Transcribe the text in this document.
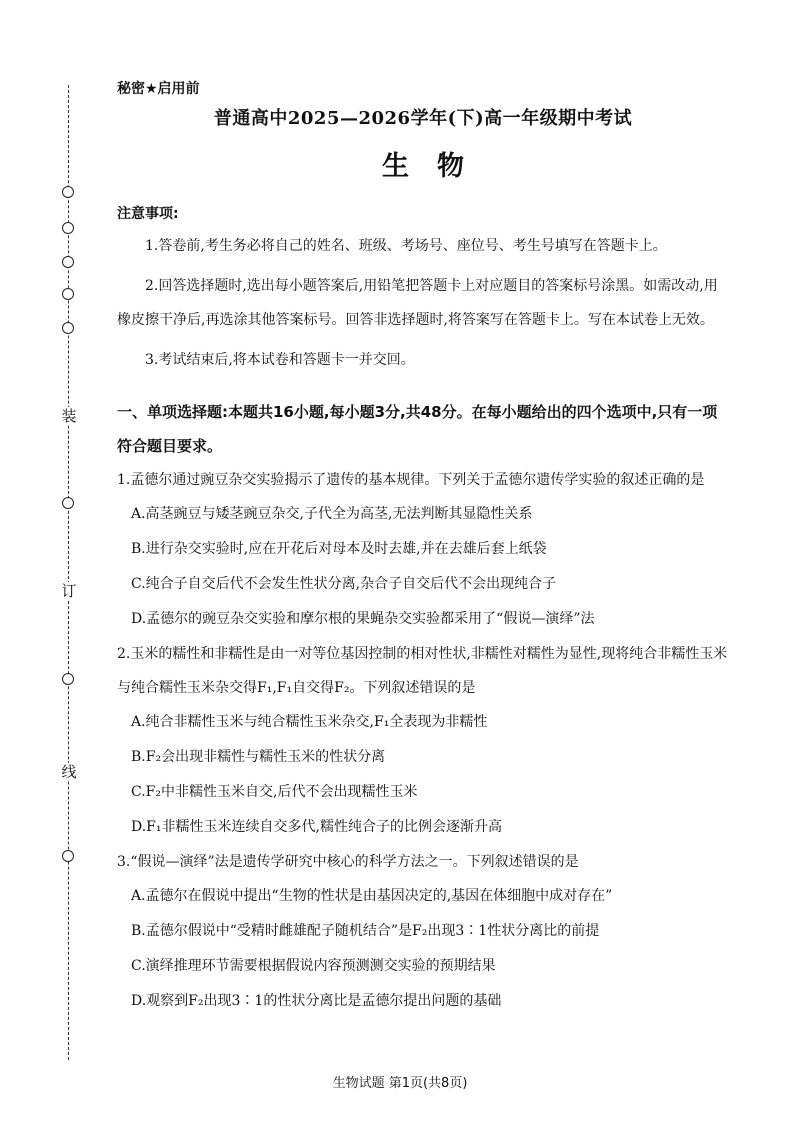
装
订
线

秘密★启用前

普通高中2025—2026学年(下)高一年级期中考试

生物

注意事项:

1.答卷前,考生务必将自己的姓名、班级、考场号、座位号、考生号填写在答题卡上。

2.回答选择题时,选出每小题答案后,用铅笔把答题卡上对应题目的答案标号涂黑。如需改动,用橡皮擦干净后,再选涂其他答案标号。回答非选择题时,将答案写在答题卡上。写在本试卷上无效。

3.考试结束后,将本试卷和答题卡一并交回。

一、单项选择题:本题共16小题,每小题3分,共48分。在每小题给出的四个选项中,只有一项符合题目要求。

1.孟德尔通过豌豆杂交实验揭示了遗传的基本规律。下列关于孟德尔遗传学实验的叙述正确的是

A.高茎豌豆与矮茎豌豆杂交,子代全为高茎,无法判断其显隐性关系

B.进行杂交实验时,应在开花后对母本及时去雄,并在去雄后套上纸袋

C.纯合子自交后代不会发生性状分离,杂合子自交后代不会出现纯合子

D.孟德尔的豌豆杂交实验和摩尔根的果蝇杂交实验都采用了“假说—演绎”法

2.玉米的糯性和非糯性是由一对等位基因控制的相对性状,非糯性对糯性为显性,现将纯合非糯性玉米与纯合糯性玉米杂交得F₁,F₁自交得F₂。下列叙述错误的是

A.纯合非糯性玉米与纯合糯性玉米杂交,F₁全表现为非糯性

B.F₂会出现非糯性与糯性玉米的性状分离

C.F₂中非糯性玉米自交,后代不会出现糯性玉米

D.F₁非糯性玉米连续自交多代,糯性纯合子的比例会逐渐升高

3.“假说—演绎”法是遗传学研究中核心的科学方法之一。下列叙述错误的是

A.孟德尔在假说中提出“生物的性状是由基因决定的,基因在体细胞中成对存在”

B.孟德尔假说中“受精时雌雄配子随机结合”是F₂出现3∶1性状分离比的前提

C.演绎推理环节需要根据假说内容预测测交实验的预期结果

D.观察到F₂出现3∶1的性状分离比是孟德尔提出问题的基础

生物试题 第1页(共8页)
